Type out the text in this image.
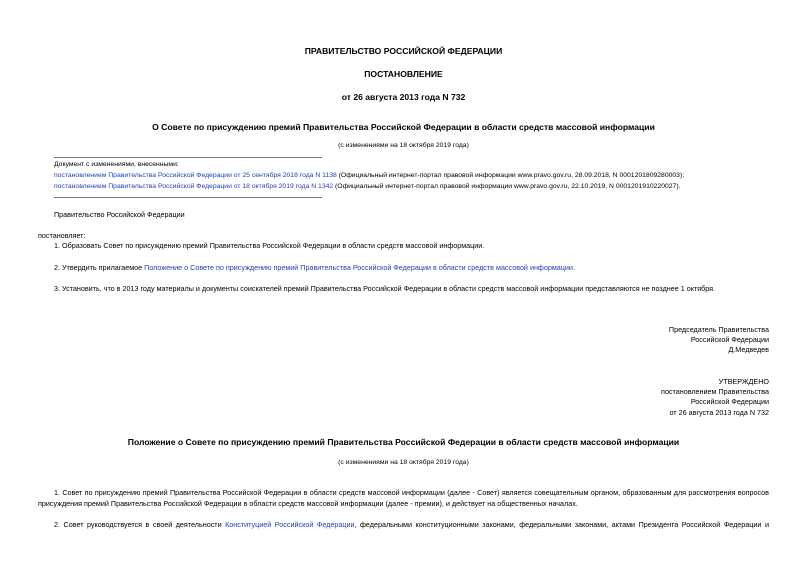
ПРАВИТЕЛЬСТВО РОССИЙСКОЙ ФЕДЕРАЦИИ
ПОСТАНОВЛЕНИЕ
от 26 августа 2013 года N 732
О Совете по присуждению премий Правительства Российской Федерации в области средств массовой информации
(с изменениями на 18 октября 2019 года)
Документ с изменениями, внесенными:
постановлением Правительства Российской Федерации от 25 сентября 2018 года N 1138 (Официальный интернет-портал правовой информации www.pravo.gov.ru, 28.09.2018, N 0001201809280003);
постановлением Правительства Российской Федерации от 18 октября 2019 года N 1342 (Официальный интернет-портал правовой информации www.pravo.gov.ru, 22.10.2019, N 0001201910220027).
Правительство Российской Федерации
постановляет:
1. Образовать Совет по присуждению премий Правительства Российской Федерации в области средств массовой информации.
2. Утвердить прилагаемое Положение о Совете по присуждению премий Правительства Российской Федерации в области средств массовой информации.
3. Установить, что в 2013 году материалы и документы соискателей премий Правительства Российской Федерации в области средств массовой информации представляются не позднее 1 октября.
Председатель Правительства
Российской Федерации
Д.Медведев
УТВЕРЖДЕНО
постановлением Правительства
Российской Федерации
от 26 августа 2013 года N 732
Положение о Совете по присуждению премий Правительства Российской Федерации в области средств массовой информации
(с изменениями на 18 октября 2019 года)
1. Совет по присуждению премий Правительства Российской Федерации в области средств массовой информации (далее - Совет) является совещательным органом, образованным для рассмотрения вопросов
присуждения премий Правительства Российской Федерации в области средств массовой информации (далее - премии), и действует на общественных началах.
2. Совет руководствуется в своей деятельности Конституцией Российской Федерации, федеральными конституционными законами, федеральными законами, актами Президента Российской Федерации и
